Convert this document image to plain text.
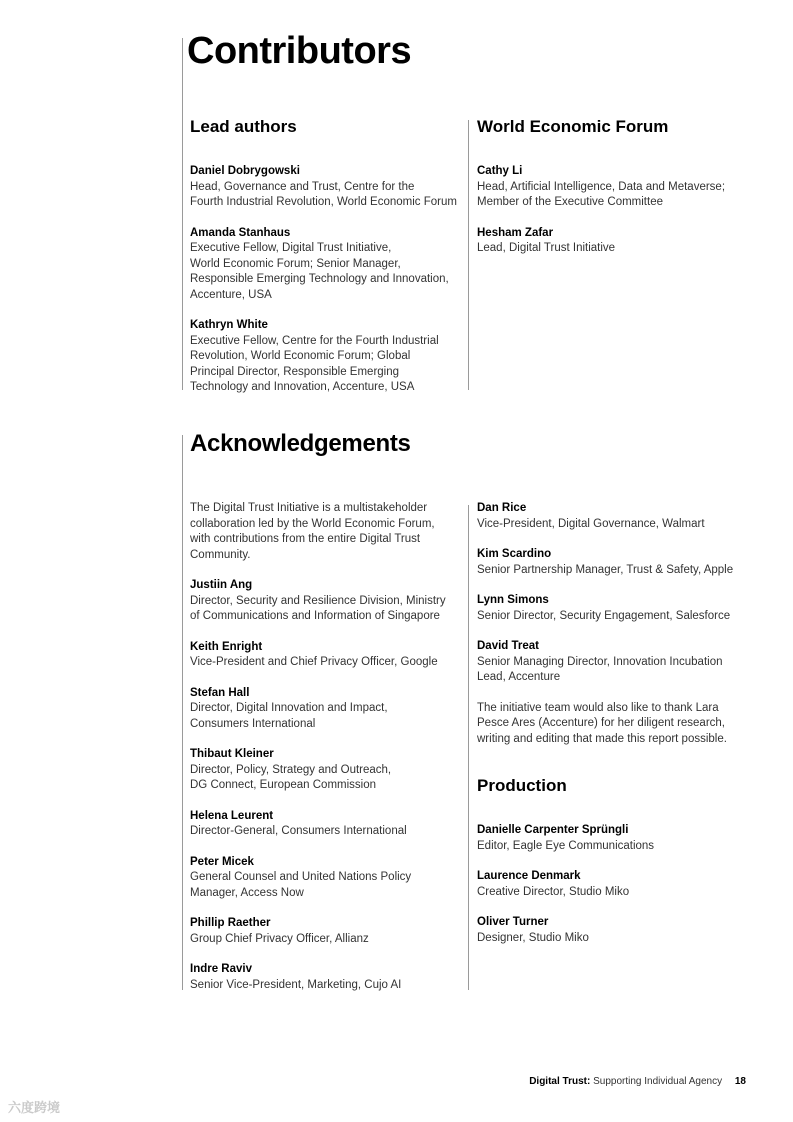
Contributors
Lead authors	World Economic Forum
Daniel Dobrygowski
Head, Governance and Trust, Centre for the
Fourth Industrial Revolution, World Economic Forum
Amanda Stanhaus
Executive Fellow, Digital Trust Initiative,
World Economic Forum; Senior Manager,
Responsible Emerging Technology and Innovation,
Accenture, USA
Kathryn White
Executive Fellow, Centre for the Fourth Industrial
Revolution, World Economic Forum; Global
Principal Director, Responsible Emerging
Technology and Innovation, Accenture, USA
Cathy Li
Head, Artificial Intelligence, Data and Metaverse;
Member of the Executive Committee
Hesham Zafar
Lead, Digital Trust Initiative
Acknowledgements
The Digital Trust Initiative is a multistakeholder
collaboration led by the World Economic Forum,
with contributions from the entire Digital Trust
Community.
Justiin Ang
Director, Security and Resilience Division, Ministry
of Communications and Information of Singapore
Keith Enright
Vice-President and Chief Privacy Officer, Google
Stefan Hall
Director, Digital Innovation and Impact,
Consumers International
Thibaut Kleiner
Director, Policy, Strategy and Outreach,
DG Connect, European Commission
Helena Leurent
Director-General, Consumers International
Peter Micek
General Counsel and United Nations Policy
Manager, Access Now
Phillip Raether
Group Chief Privacy Officer, Allianz
Indre Raviv
Senior Vice-President, Marketing, Cujo AI
Dan Rice
Vice-President, Digital Governance, Walmart
Kim Scardino
Senior Partnership Manager, Trust & Safety, Apple
Lynn Simons
Senior Director, Security Engagement, Salesforce
David Treat
Senior Managing Director, Innovation Incubation
Lead, Accenture
The initiative team would also like to thank Lara
Pesce Ares (Accenture) for her diligent research,
writing and editing that made this report possible.
Production
Danielle Carpenter Sprüngli
Editor, Eagle Eye Communications
Laurence Denmark
Creative Director, Studio Miko
Oliver Turner
Designer, Studio Miko
Digital Trust: Supporting Individual Agency 18
六度跨境
